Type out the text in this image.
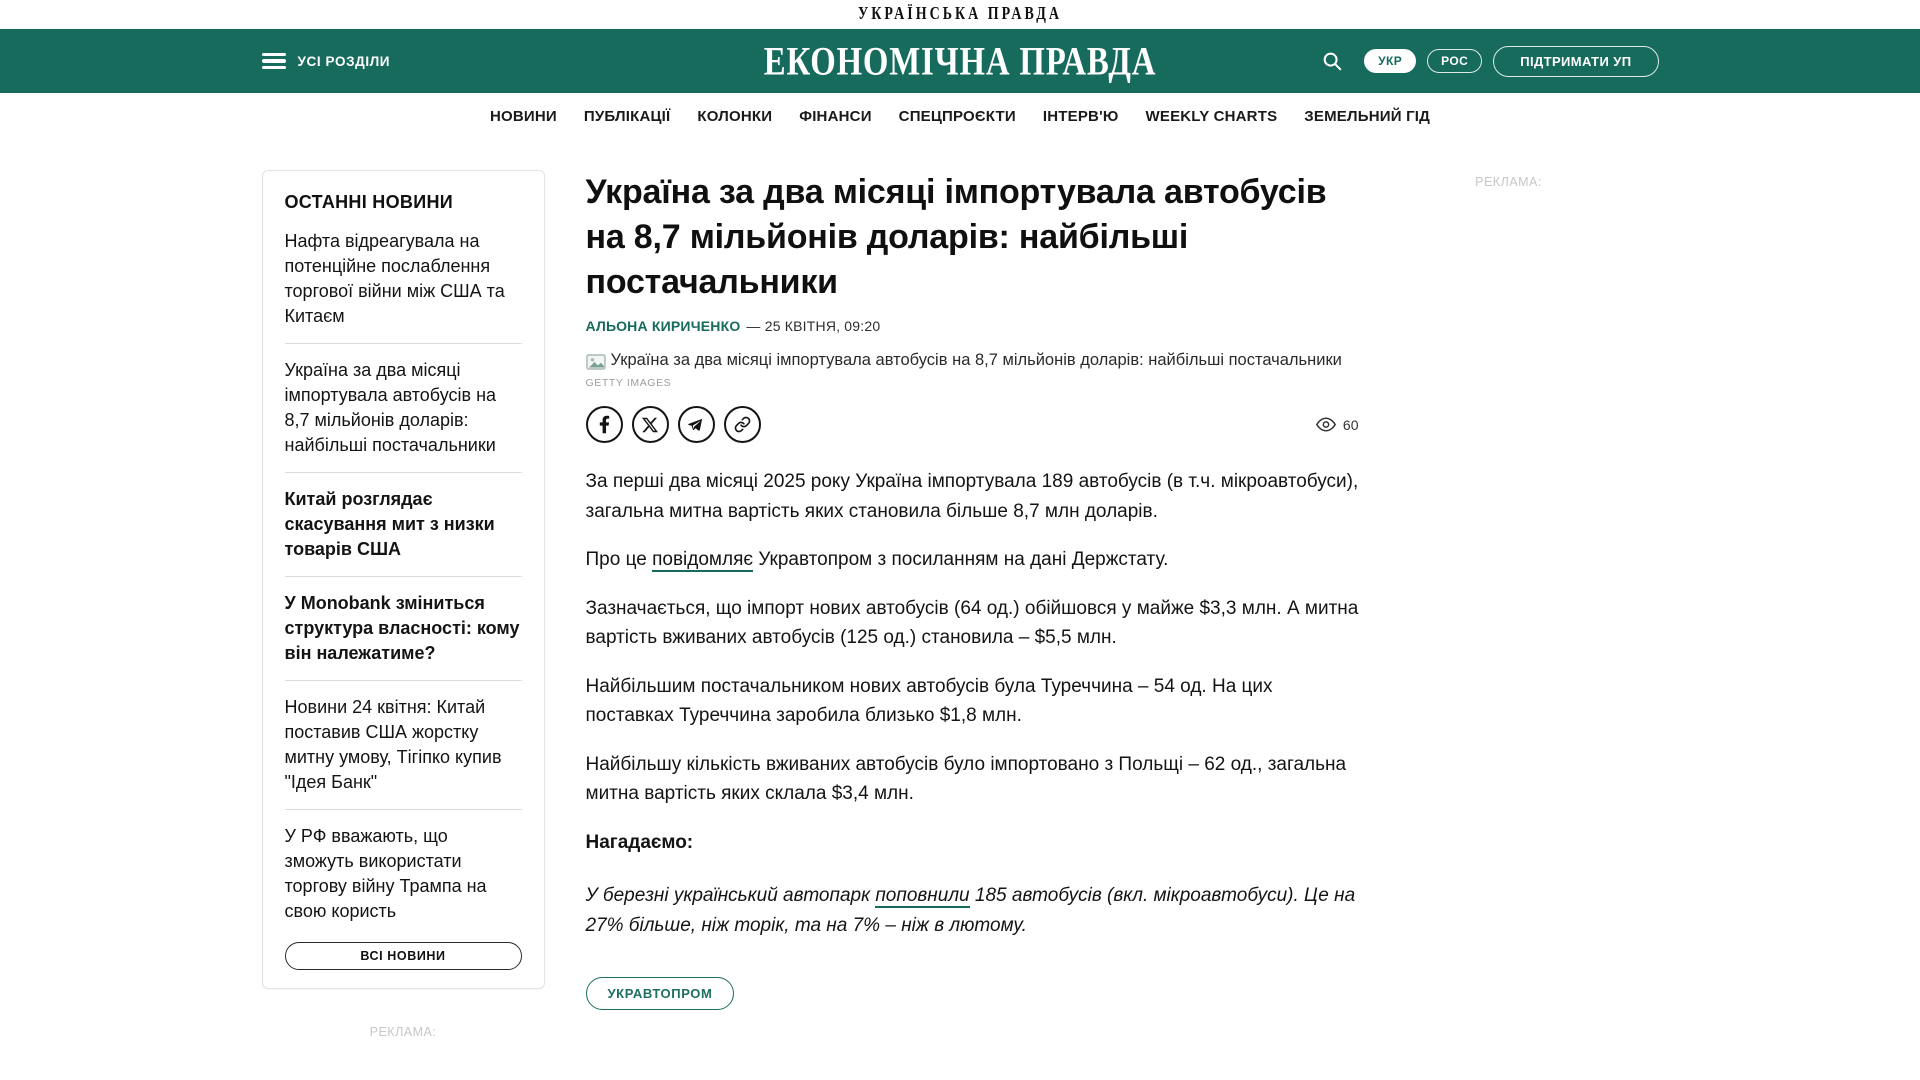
УКРАЇНСЬКА ПРАВДА
УСІ РОЗДІЛИ	ЕКОНОМІЧНА ПРАВДА	УКР	РОС	ПІДТРИМАТИ УП
НОВИНИ ПУБЛІКАЦІЇ КОЛОНКИ ФІНАНСИ СПЕЦПРОЄКТИ ІНТЕРВ'Ю WEEKLY CHARTS ЗЕМЕЛЬНИЙ ГІД
ОСТАННІ НОВИНИ
Нафта відреагувала на потенційне послаблення торгової війни між США та Китаєм
Україна за два місяці імпортувала автобусів на 8,7 мільйонів доларів: найбільші постачальники
Китай розглядає скасування мит з низки товарів США
У Monobank зміниться структура власності: кому він належатиме?
Новини 24 квітня: Китай поставив США жорстку митну умову, Тігіпко купив "Ідея Банк"
У РФ вважають, що зможуть використати торгову війну Трампа на свою користь
ВСІ НОВИНИ
РЕКЛАМА:
Україна за два місяці імпортувала автобусів на 8,7 мільйонів доларів: найбільші постачальники
АЛЬОНА КИРИЧЕНКО — 25 КВІТНЯ, 09:20
Україна за два місяці імпортувала автобусів на 8,7 мільйонів доларів: найбільші постачальники
GETTY IMAGES
60

За перші два місяці 2025 року Україна імпортувала 189 автобусів (в т.ч. мікроавтобуси), загальна митна вартість яких становила більше 8,7 млн доларів.

Про це повідомляє Укравтопром з посиланням на дані Держстату.

Зазначається, що імпорт нових автобусів (64 од.) обійшовся у майже $3,3 млн. А митна вартість вживаних автобусів (125 од.) становила – $5,5 млн.

Найбільшим постачальником нових автобусів була Туреччина – 54 од. На цих поставках Туреччина заробила близько $1,8 млн.

Найбільшу кількість вживаних автобусів було імпортовано з Польщі – 62 од., загальна митна вартість яких склала $3,4 млн.

Нагадаємо:

У березні український автопарк поповнили 185 автобусів (вкл. мікроавтобуси). Це на 27% більше, ніж торік, та на 7% – ніж в лютому.

УКРАВТОПРОМ
РЕКЛАМА:
